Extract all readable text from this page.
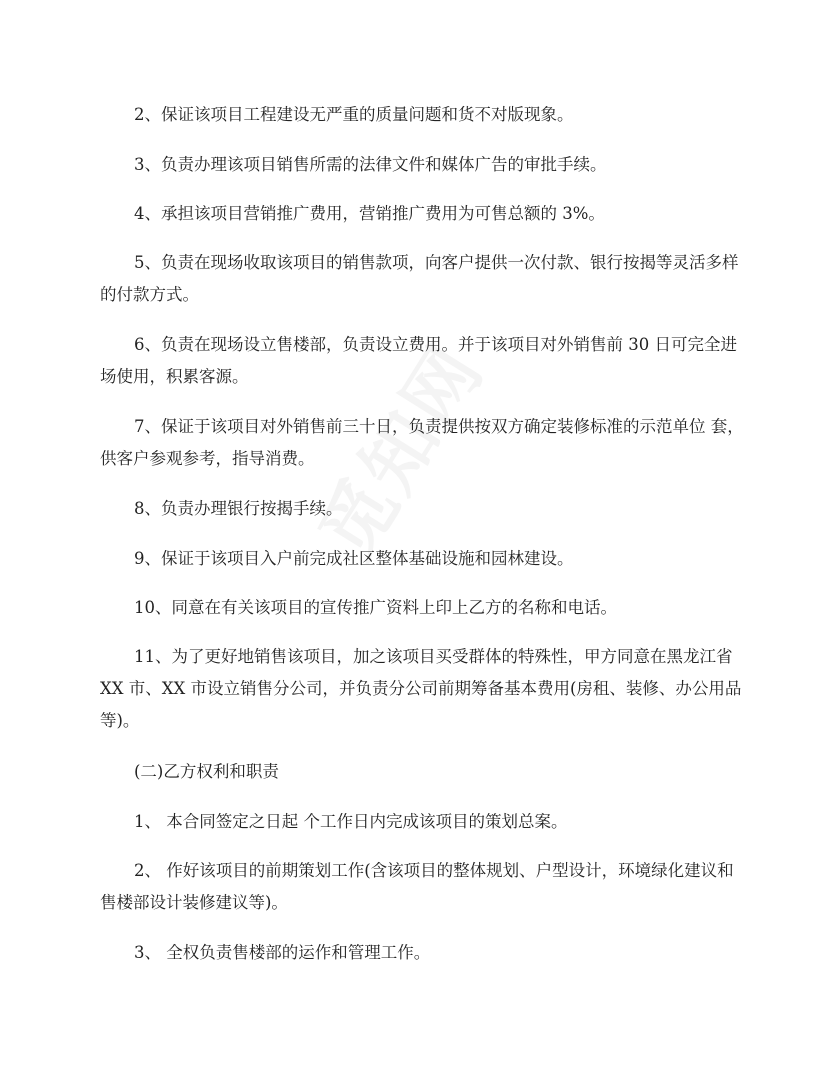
2、保证该项目工程建设无严重的质量问题和货不对版现象。

3、负责办理该项目销售所需的法律文件和媒体广告的审批手续。

4、承担该项目营销推广费用，营销推广费用为可售总额的 3%。

5、负责在现场收取该项目的销售款项，向客户提供一次付款、银行按揭等灵活多样
的付款方式。

6、负责在现场设立售楼部，负责设立费用。并于该项目对外销售前 30 日可完全进
场使用，积累客源。

7、保证于该项目对外销售前三十日，负责提供按双方确定装修标准的示范单位 套，
供客户参观参考，指导消费。

8、负责办理银行按揭手续。

9、保证于该项目入户前完成社区整体基础设施和园林建设。

10、同意在有关该项目的宣传推广资料上印上乙方的名称和电话。

11、为了更好地销售该项目，加之该项目买受群体的特殊性，甲方同意在黑龙江省
XX 市、XX 市设立销售分公司，并负责分公司前期筹备基本费用(房租、装修、办公用品
等)。

(二)乙方权利和职责

1、 本合同签定之日起 个工作日内完成该项目的策划总案。

2、 作好该项目的前期策划工作(含该项目的整体规划、户型设计，环境绿化建议和
售楼部设计装修建议等)。

3、 全权负责售楼部的运作和管理工作。
